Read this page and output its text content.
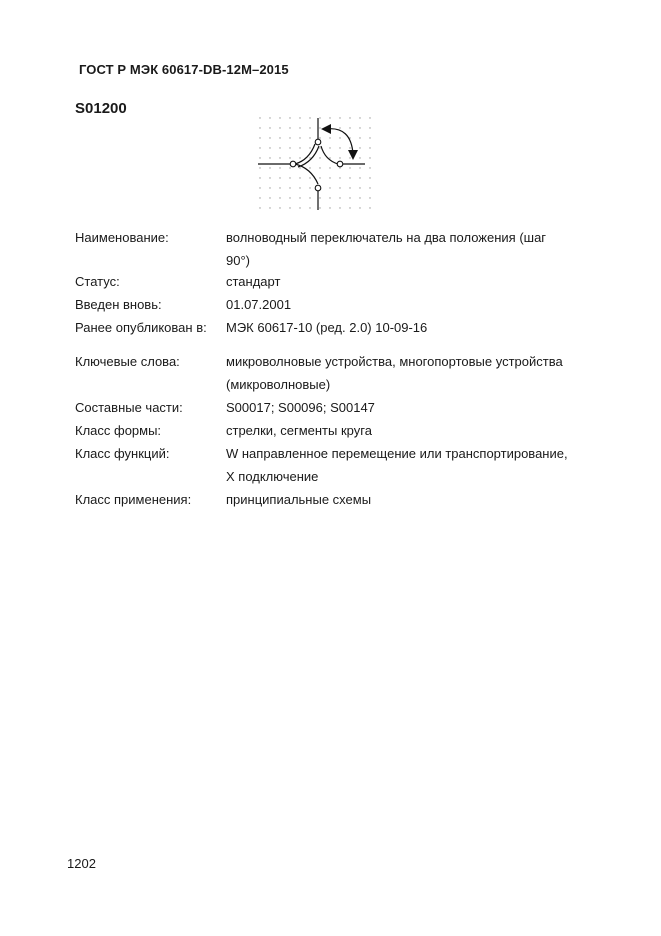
ГОСТ Р МЭК 60617-DB-12M–2015
S01200
Наименование:	волноводный переключатель на два положения (шаг
90°)
Статус:	стандарт
Введен вновь:	01.07.2001
Ранее опубликован в:	МЭК 60617-10 (ред. 2.0) 10-09-16
Ключевые слова:	микроволновые устройства, многопортовые устройства
(микроволновые)
Составные части:	S00017; S00096; S00147
Класс формы:	стрелки, сегменты круга
Класс функций:	W направленное перемещение или транспортирование,
X подключение
Класс применения:	принципиальные схемы
1202
